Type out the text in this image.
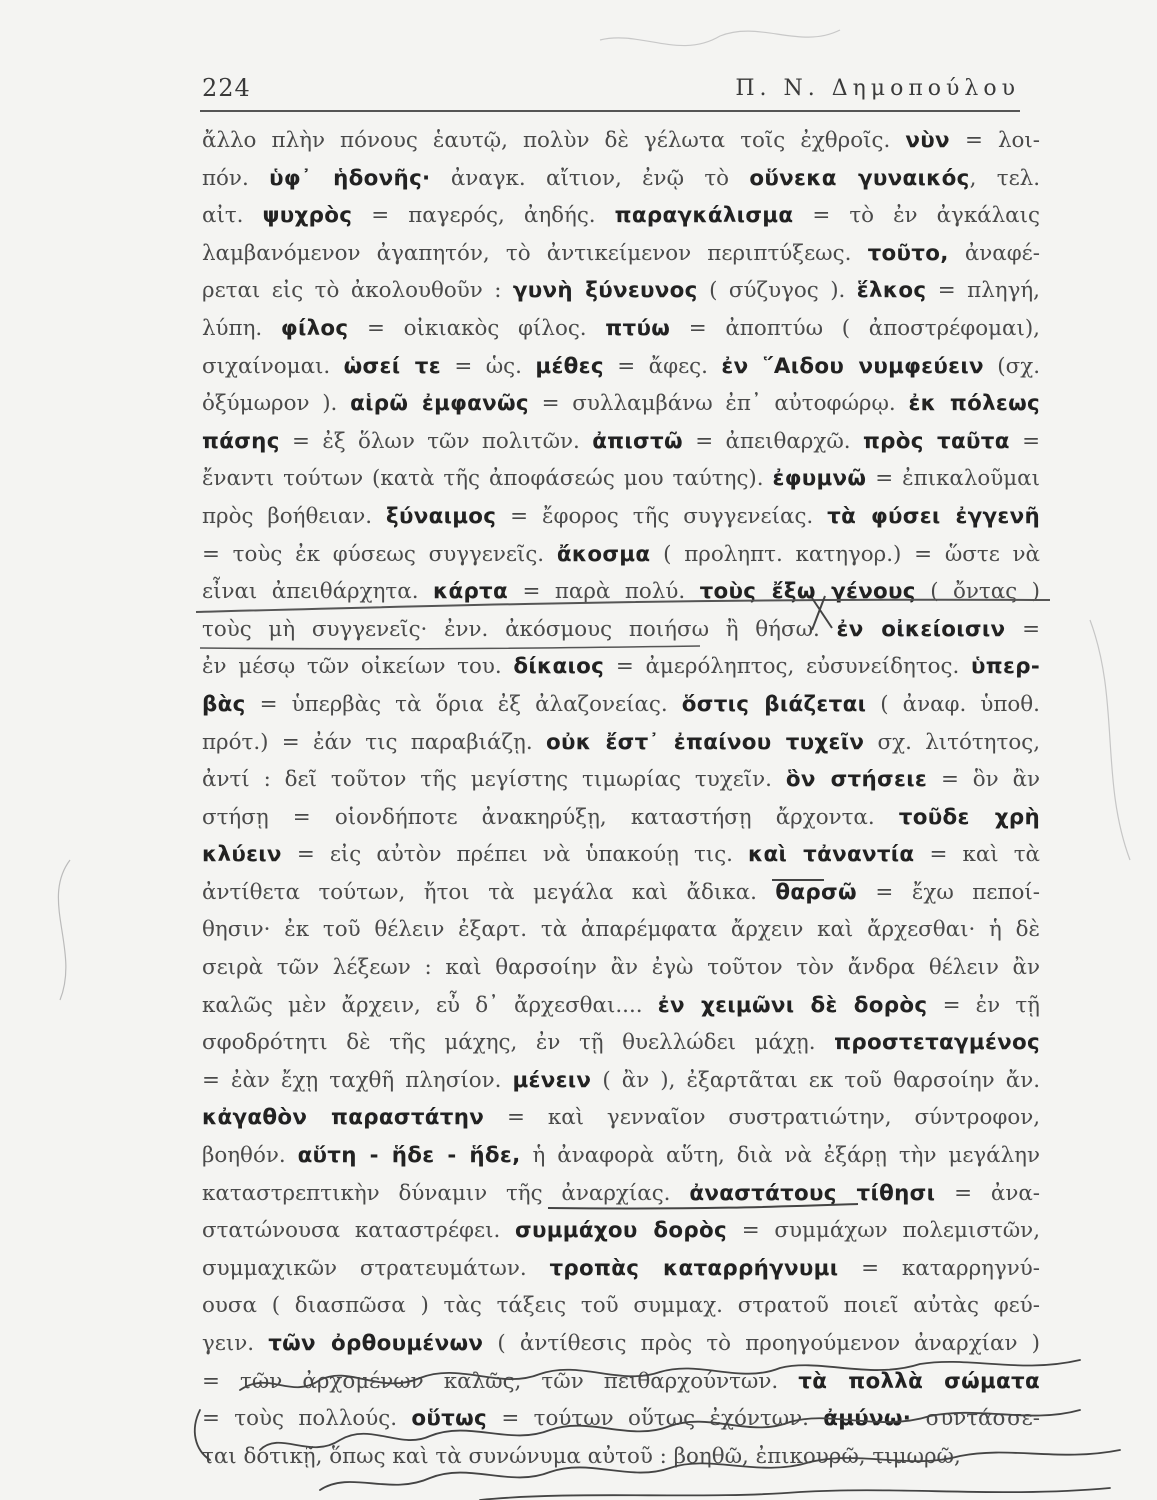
224	Π. Ν. Δημοπούλου
ἄλλο πλὴν πόνους ἑαυτῷ, πολὺν δὲ γέλωτα τοῖς ἐχθροῖς. νὺν = λοι-
πόν. ὑφ᾽ ἡδονῆς· ἀναγκ. αἴτιον, ἐνῷ τὸ οὕνεκα γυναικός, τελ.
αἰτ. ψυχρὸς = παγερός, ἀηδής. παραγκάλισμα = τὸ ἐν ἀγκάλαις
λαμβανόμενον ἀγαπητόν, τὸ ἀντικείμενον περιπτύξεως. τοῦτο, ἀναφέ-
ρεται εἰς τὸ ἀκολουθοῦν : γυνὴ ξύνευνος ( σύζυγος ). ἕλκος = πληγή,
λύπη. φίλος = οἰκιακὸς φίλος. πτύω = ἀποπτύω ( ἀποστρέφομαι),
σιχαίνομαι. ὡσεί τε = ὡς. μέθες = ἄφες. ἐν ῞Αιδου νυμφεύειν (σχ.
ὀξύμωρον ). αἱρῶ ἐμφανῶς = συλλαμβάνω ἐπ᾽ αὐτοφώρῳ. ἐκ πόλεως
πάσης = ἐξ ὅλων τῶν πολιτῶν. ἀπιστῶ = ἀπειθαρχῶ. πρὸς ταῦτα =
ἔναντι τούτων (κατὰ τῆς ἀποφάσεώς μου ταύτης). ἐφυμνῶ = ἐπικαλοῦμαι
πρὸς βοήθειαν. ξύναιμος = ἔφορος τῆς συγγενείας. τὰ φύσει ἐγγενῆ
= τοὺς ἐκ φύσεως συγγενεῖς. ἄκοσμα ( προληπτ. κατηγορ.) = ὥστε νὰ
εἶναι ἀπειθάρχητα. κάρτα = παρὰ πολύ. τοὺς ἔξω γένους ( ὄντας )
τοὺς μὴ συγγενεῖς· ἐνν. ἀκόσμους ποιήσω ἢ θήσω. ἐν οἰκείοισιν =
ἐν μέσῳ τῶν οἰκείων του. δίκαιος = ἀμερόληπτος, εὐσυνείδητος. ὑπερ-
βὰς = ὑπερβὰς τὰ ὅρια ἐξ ἀλαζονείας. ὅστις βιάζεται ( ἀναφ. ὑποθ.
πρότ.) = ἐάν τις παραβιάζῃ. οὐκ ἔστ᾽ ἐπαίνου τυχεῖν σχ. λιτότητος,
ἀντί : δεῖ τοῦτον τῆς μεγίστης τιμωρίας τυχεῖν. ὃν στήσειε = ὃν ἂν
στήσῃ = οἱονδήποτε ἀνακηρύξῃ, καταστήσῃ ἄρχοντα. τοῦδε χρὴ
κλύειν = εἰς αὐτὸν πρέπει νὰ ὑπακούῃ τις. καὶ τἀναντία = καὶ τὰ
ἀντίθετα τούτων, ἤτοι τὰ μεγάλα καὶ ἄδικα. θαρσῶ = ἔχω πεποί-
θησιν· ἐκ τοῦ θέλειν ἐξαρτ. τὰ ἀπαρέμφατα ἄρχειν καὶ ἄρχεσθαι· ἡ δὲ
σειρὰ τῶν λέξεων : καὶ θαρσοίην ἂν ἐγὼ τοῦτον τὸν ἄνδρα θέλειν ἂν
καλῶς μὲν ἄρχειν, εὖ δ᾽ ἄρχεσθαι.... ἐν χειμῶνι δὲ δορὸς = ἐν τῇ
σφοδρότητι δὲ τῆς μάχης, ἐν τῇ θυελλώδει μάχῃ. προστεταγμένος
= ἐὰν ἔχῃ ταχθῆ πλησίον. μένειν ( ἂν ), ἐξαρτᾶται εκ τοῦ θαρσοίην ἄν.
κἀγαθὸν παραστάτην = καὶ γενναῖον συστρατιώτην, σύντροφον,
βοηθόν. αὕτη - ἥδε - ἥδε, ἡ ἀναφορὰ αὕτη, διὰ νὰ ἐξάρῃ τὴν μεγάλην
καταστρεπτικὴν δύναμιν τῆς ἀναρχίας. ἀναστάτους τίθησι = ἀνα-
στατώνουσα καταστρέφει. συμμάχου δορὸς = συμμάχων πολεμιστῶν,
συμμαχικῶν στρατευμάτων. τροπὰς καταρρήγνυμι = καταρρηγνύ-
ουσα ( διασπῶσα ) τὰς τάξεις τοῦ συμμαχ. στρατοῦ ποιεῖ αὐτὰς φεύ-
γειν. τῶν ὀρθουμένων ( ἀντίθεσις πρὸς τὸ προηγούμενον ἀναρχίαν )
= τῶν ἀρχομένων καλῶς, τῶν πειθαρχούντων. τὰ πολλὰ σώματα
= τοὺς πολλούς. οὕτως = τούτων οὕτως ἐχόντων. ἀμύνω· συντάσσε-
ται δοτικῇ, ὅπως καὶ τὰ συνώνυμα αὐτοῦ : βοηθῶ, ἐπικουρῶ, τιμωρῶ,
